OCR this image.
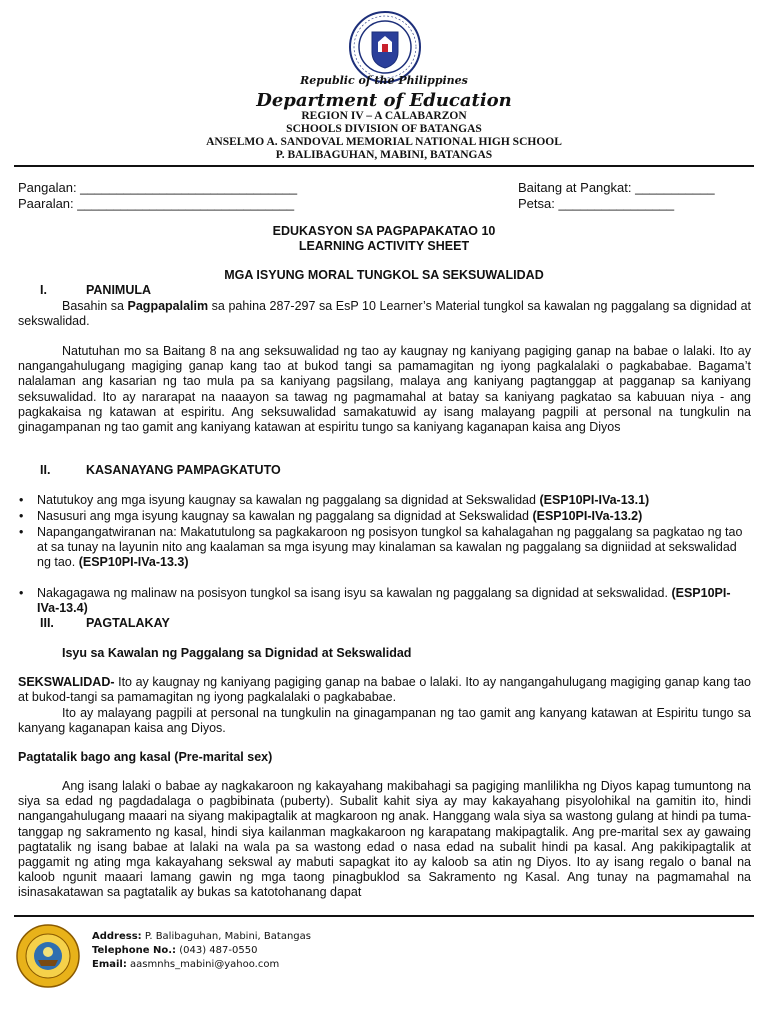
Republic of the Philippines
Department of Education
REGION IV – A CALABARZON
SCHOOLS DIVISION OF BATANGAS
ANSELMO A. SANDOVAL MEMORIAL NATIONAL HIGH SCHOOL
P. BALIBAGUHAN, MABINI, BATANGAS
Pangalan: ______________________________
Paaralan: ______________________________
Baitang at Pangkat: ___________
Petsa: ________________
EDUKASYON SA PAGPAPAKATAO 10
LEARNING ACTIVITY SHEET
MGA ISYUNG MORAL TUNGKOL SA SEKSUWALIDAD
I.	PANIMULA
Basahin sa Pagpapalalim sa pahina 287-297 sa EsP 10 Learner’s Material tungkol sa kawalan ng paggalang sa dignidad at sekswalidad.
Natutuhan mo sa Baitang 8 na ang seksuwalidad ng tao ay kaugnay ng kaniyang pagiging ganap na babae o lalaki. Ito ay nangangahulugang magiging ganap kang tao at bukod tangi sa pamamagitan ng iyong pagkalalaki o pagkababae. Bagama’t nalalaman ang kasarian ng tao mula pa sa kaniyang pagsilang, malaya ang kaniyang pagtanggap at pagganap sa kaniyang seksuwalidad. Ito ay nararapat na naaayon sa tawag ng pagmamahal at batay sa kaniyang pagkatao sa kabuuan niya - ang pagkakaisa ng katawan at espiritu. Ang seksuwalidad samakatuwid ay isang malayang pagpili at personal na tungkulin na ginagampanan ng tao gamit ang kaniyang katawan at espiritu tungo sa kaniyang kaganapan kaisa ang Diyos
II.	KASANAYANG PAMPAGKATUTO
• Natutukoy ang mga isyung kaugnay sa kawalan ng paggalang sa dignidad at Sekswalidad (ESP10PI-IVa-13.1)
• Nasusuri ang mga isyung kaugnay sa kawalan ng paggalang sa dignidad at Sekswalidad (ESP10PI-IVa-13.2)
• Napangangatwiranan na: Makatutulong sa pagkakaroon ng posisyon tungkol sa kahalagahan ng paggalang sa pagkatao ng tao at sa tunay na layunin nito ang kaalaman sa mga isyung may kinalaman sa kawalan ng paggalang sa digniidad at sekswalidad ng tao. (ESP10PI-IVa-13.3)
• Nakagagawa ng malinaw na posisyon tungkol sa isang isyu sa kawalan ng paggalang sa dignidad at sekswalidad. (ESP10PI-IVa-13.4)
III.	PAGTALAKAY
Isyu sa Kawalan ng Paggalang sa Dignidad at Sekswalidad
SEKSWALIDAD- Ito ay kaugnay ng kaniyang pagiging ganap na babae o lalaki. Ito ay nangangahulugang magiging ganap kang tao at bukod-tangi sa pamamagitan ng iyong pagkalalaki o pagkababae.
Ito ay malayang pagpili at personal na tungkulin na ginagampanan ng tao gamit ang kanyang katawan at Espiritu tungo sa kanyang kaganapan kaisa ang Diyos.
Pagtatalik bago ang kasal (Pre-marital sex)
Ang isang lalaki o babae ay nagkakaroon ng kakayahang makibahagi sa pagiging manlilikha ng Diyos kapag tumuntong na siya sa edad ng pagdadalaga o pagbibinata (puberty). Subalit kahit siya ay may kakayahang pisyolohikal na gamitin ito, hindi nangangahulugang maaari na siyang makipagtalik at magkaroon ng anak. Hanggang wala siya sa wastong gulang at hindi pa tuma-tanggap ng sakramento ng kasal, hindi siya kailanman magkakaroon ng karapatang makipagtalik. Ang pre-marital sex ay gawaing pagtatalik ng isang babae at lalaki na wala pa sa wastong edad o nasa edad na subalit hindi pa kasal. Ang pakikipagtalik at paggamit ng ating mga kakayahang sekswal ay mabuti sapagkat ito ay kaloob sa atin ng Diyos. Ito ay isang regalo o banal na kaloob ngunit maaari lamang gawin ng mga taong pinagbuklod sa Sakramento ng Kasal. Ang tunay na pagmamahal na isinasakatawan sa pagtatalik ay bukas sa katotohanang dapat
Address: P. Balibaguhan, Mabini, Batangas
Telephone No.: (043) 487-0550
Email: aasmnhs_mabini@yahoo.com
